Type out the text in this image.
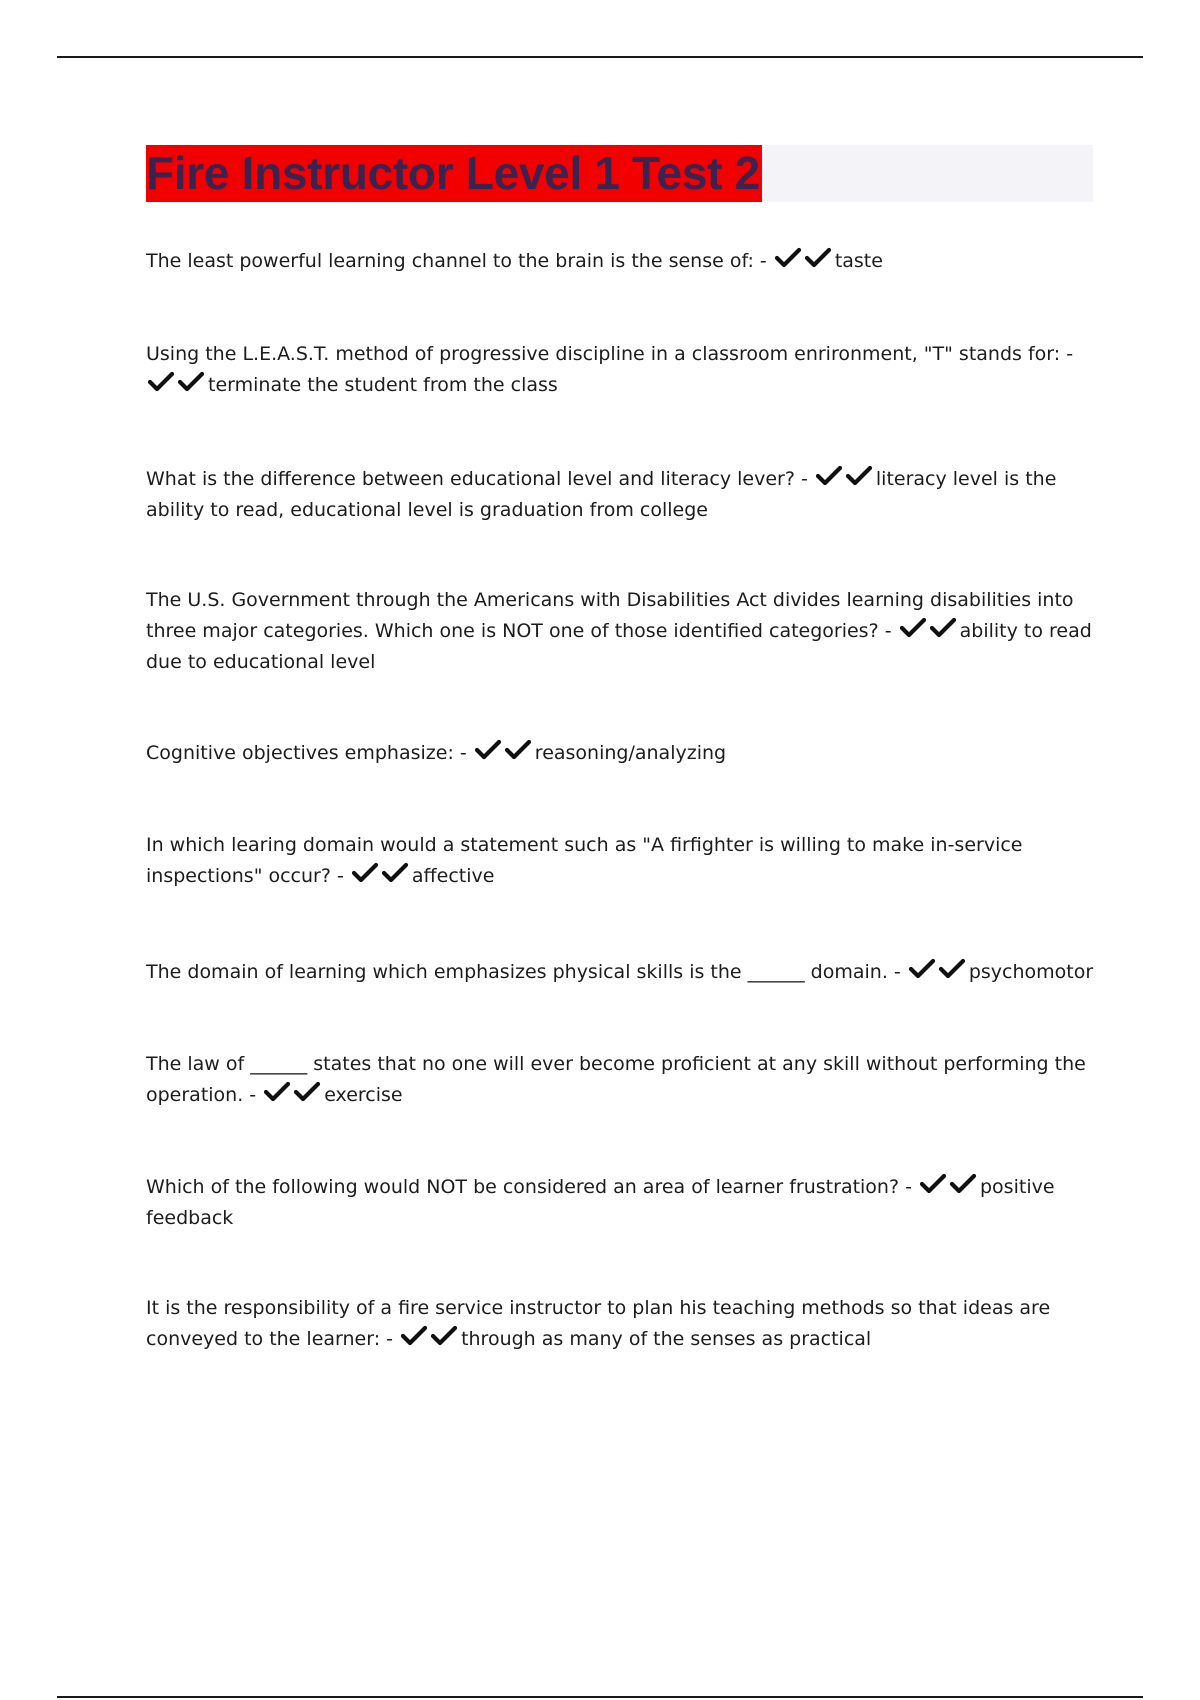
Fire Instructor Level 1 Test 2
The least powerful learning channel to the brain is the sense of: -	taste
Using the L.E.A.S.T. method of progressive discipline in a classroom enrironment, "T" stands for: -
terminate the student from the class
What is the difference between educational level and literacy lever? -	literacy level is the ability to read, educational level is graduation from college
The U.S. Government through the Americans with Disabilities Act divides learning disabilities into three major categories. Which one is NOT one of those identified categories? -	ability to read due to educational level
Cognitive objectives emphasize: -	reasoning/analyzing
In which learing domain would a statement such as "A firfighter is willing to make in-service inspections" occur? -	affective
The domain of learning which emphasizes physical skills is the ______ domain. -	psychomotor
The law of ______ states that no one will ever become proficient at any skill without performing the operation. -	exercise
Which of the following would NOT be considered an area of learner frustration? -	positive feedback
It is the responsibility of a fire service instructor to plan his teaching methods so that ideas are conveyed to the learner: -	through as many of the senses as practical
